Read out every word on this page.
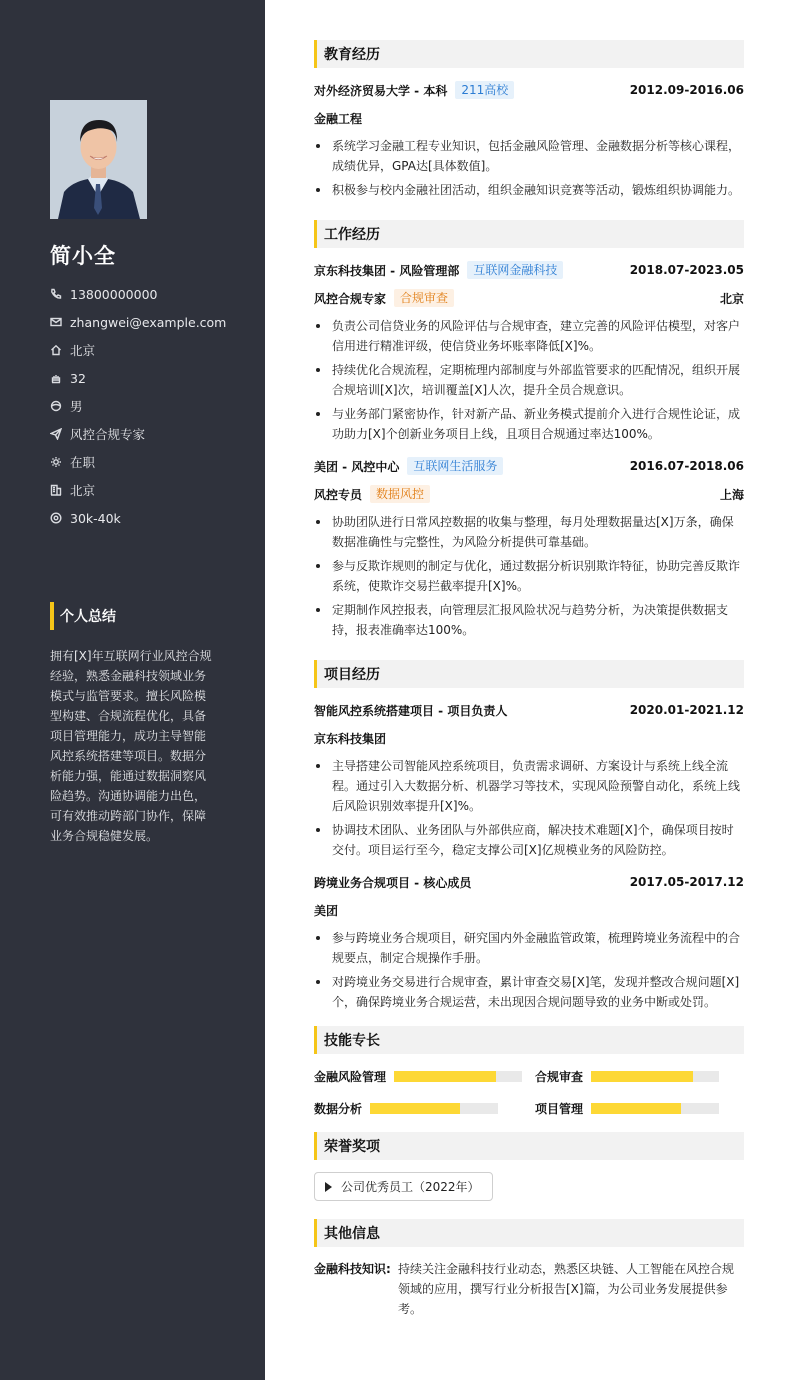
简小全
13800000000
zhangwei@example.com
北京
32
男
风控合规专家
在职
北京
30k-40k
个人总结
拥有[X]年互联网行业风控合规经验，熟悉金融科技领域业务模式与监管要求。擅长风险模型构建、合规流程优化，具备项目管理能力，成功主导智能风控系统搭建等项目。数据分析能力强，能通过数据洞察风险趋势。沟通协调能力出色，可有效推动跨部门协作，保障业务合规稳健发展。
教育经历
对外经济贸易大学 - 本科	211高校	2012.09-2016.06
金融工程
系统学习金融工程专业知识，包括金融风险管理、金融数据分析等核心课程，成绩优异，GPA达[具体数值]。
积极参与校内金融社团活动，组织金融知识竞赛等活动，锻炼组织协调能力。
工作经历
京东科技集团 - 风险管理部	互联网金融科技	2018.07-2023.05
风控合规专家	合规审查	北京
负责公司信贷业务的风险评估与合规审查，建立完善的风险评估模型，对客户信用进行精准评级，使信贷业务坏账率降低[X]%。
持续优化合规流程，定期梳理内部制度与外部监管要求的匹配情况，组织开展合规培训[X]次，培训覆盖[X]人次，提升全员合规意识。
与业务部门紧密协作，针对新产品、新业务模式提前介入进行合规性论证，成功助力[X]个创新业务项目上线，且项目合规通过率达100%。
美团 - 风控中心	互联网生活服务	2016.07-2018.06
风控专员	数据风控	上海
协助团队进行日常风控数据的收集与整理，每月处理数据量达[X]万条，确保数据准确性与完整性，为风险分析提供可靠基础。
参与反欺诈规则的制定与优化，通过数据分析识别欺诈特征，协助完善反欺诈系统，使欺诈交易拦截率提升[X]%。
定期制作风控报表，向管理层汇报风险状况与趋势分析，为决策提供数据支持，报表准确率达100%。
项目经历
智能风控系统搭建项目 - 项目负责人	2020.01-2021.12
京东科技集团
主导搭建公司智能风控系统项目，负责需求调研、方案设计与系统上线全流程。通过引入大数据分析、机器学习等技术，实现风险预警自动化，系统上线后风险识别效率提升[X]%。
协调技术团队、业务团队与外部供应商，解决技术难题[X]个，确保项目按时交付。项目运行至今，稳定支撑公司[X]亿规模业务的风险防控。
跨境业务合规项目 - 核心成员	2017.05-2017.12
美团
参与跨境业务合规项目，研究国内外金融监管政策，梳理跨境业务流程中的合规要点，制定合规操作手册。
对跨境业务交易进行合规审查，累计审查交易[X]笔，发现并整改合规问题[X]个，确保跨境业务合规运营，未出现因合规问题导致的业务中断或处罚。
技能专长
金融风险管理	合规审查
数据分析	项目管理
荣誉奖项
公司优秀员工（2022年）
其他信息
金融科技知识: 持续关注金融科技行业动态，熟悉区块链、人工智能在风控合规领域的应用，撰写行业分析报告[X]篇，为公司业务发展提供参考。
